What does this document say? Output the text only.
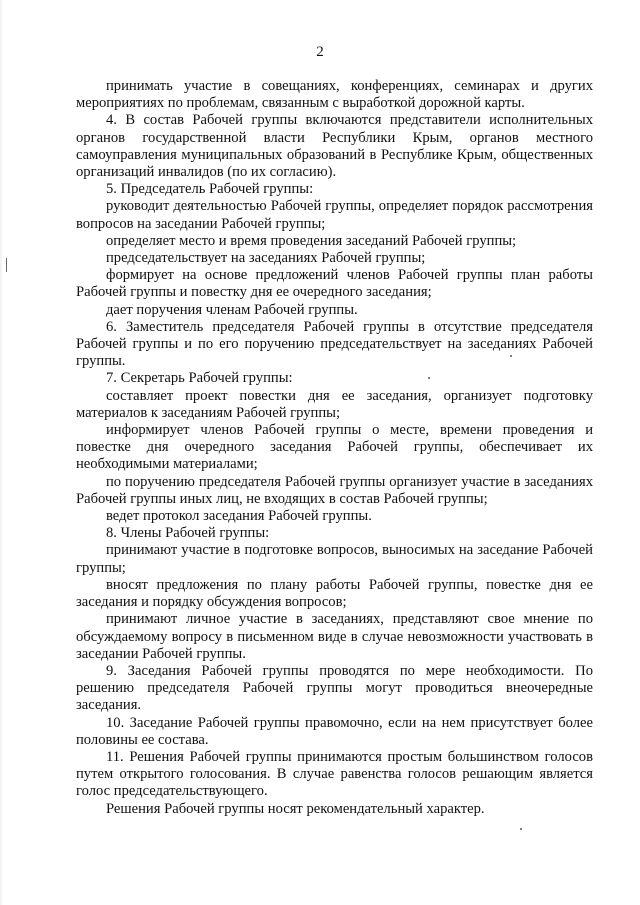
2

принимать участие в совещаниях, конференциях, семинарах и других мероприятиях по проблемам, связанным с выработкой дорожной карты.

4. В состав Рабочей группы включаются представители исполнительных органов государственной власти Республики Крым, органов местного самоуправления муниципальных образований в Республике Крым, общественных организаций инвалидов (по их согласию).

5. Председатель Рабочей группы:

руководит деятельностью Рабочей группы, определяет порядок рассмотрения вопросов на заседании Рабочей группы;

определяет место и время проведения заседаний Рабочей группы;

председательствует на заседаниях Рабочей группы;

формирует на основе предложений членов Рабочей группы план работы Рабочей группы и повестку дня ее очередного заседания;

дает поручения членам Рабочей группы.

6. Заместитель председателя Рабочей группы в отсутствие председателя Рабочей группы и по его поручению председательствует на заседаниях Рабочей группы.

7. Секретарь Рабочей группы:

составляет проект повестки дня ее заседания, организует подготовку материалов к заседаниям Рабочей группы;

информирует членов Рабочей группы о месте, времени проведения и повестке дня очередного заседания Рабочей группы, обеспечивает их необходимыми материалами;

по поручению председателя Рабочей группы организует участие в заседаниях Рабочей группы иных лиц, не входящих в состав Рабочей группы;

ведет протокол заседания Рабочей группы.

8. Члены Рабочей группы:

принимают участие в подготовке вопросов, выносимых на заседание Рабочей группы;

вносят предложения по плану работы Рабочей группы, повестке дня ее заседания и порядку обсуждения вопросов;

принимают личное участие в заседаниях, представляют свое мнение по обсуждаемому вопросу в письменном виде в случае невозможности участвовать в заседании Рабочей группы.

9. Заседания Рабочей группы проводятся по мере необходимости. По решению председателя Рабочей группы могут проводиться внеочередные заседания.

10. Заседание Рабочей группы правомочно, если на нем присутствует более половины ее состава.

11. Решения Рабочей группы принимаются простым большинством голосов путем открытого голосования. В случае равенства голосов решающим является голос председательствующего.

Решения Рабочей группы носят рекомендательный характер.
